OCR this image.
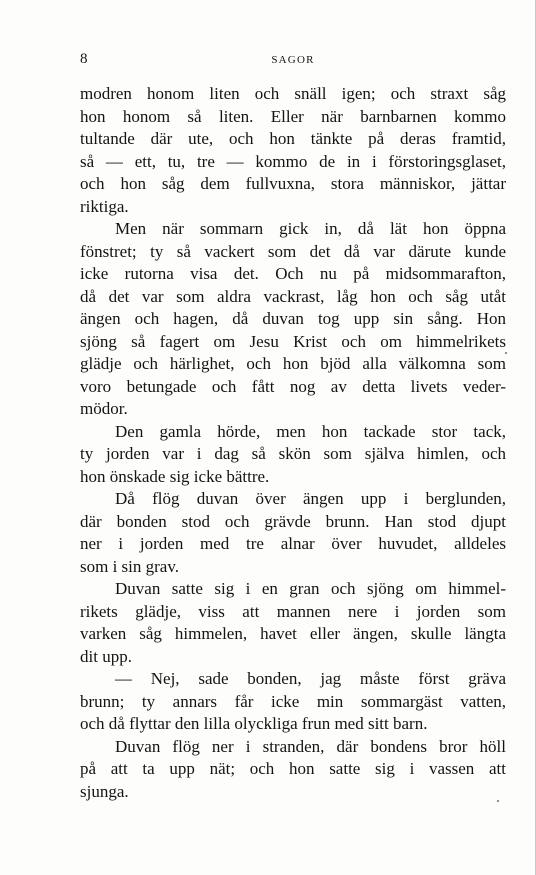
8	SAGOR
modren honom liten och snäll igen; och straxt såg
hon honom så liten. Eller när barnbarnen kommo
tultande där ute, och hon tänkte på deras framtid,
så — ett, tu, tre — kommo de in i förstoringsglaset,
och hon såg dem fullvuxna, stora människor, jättar
riktiga.
Men när sommarn gick in, då lät hon öppna
fönstret; ty så vackert som det då var därute kunde
icke rutorna visa det. Och nu på midsommarafton,
då det var som aldra vackrast, låg hon och såg utåt
ängen och hagen, då duvan tog upp sin sång. Hon
sjöng så fagert om Jesu Krist och om himmelrikets
glädje och härlighet, och hon bjöd alla välkomna som
voro betungade och fått nog av detta livets veder-
mödor.
Den gamla hörde, men hon tackade stor tack,
ty jorden var i dag så skön som själva himlen, och
hon önskade sig icke bättre.
Då flög duvan över ängen upp i berglunden,
där bonden stod och grävde brunn. Han stod djupt
ner i jorden med tre alnar över huvudet, alldeles
som i sin grav.
Duvan satte sig i en gran och sjöng om himmel-
rikets glädje, viss att mannen nere i jorden som
varken såg himmelen, havet eller ängen, skulle längta
dit upp.
— Nej, sade bonden, jag måste först gräva
brunn; ty annars får icke min sommargäst vatten,
och då flyttar den lilla olyckliga frun med sitt barn.
Duvan flög ner i stranden, där bondens bror höll
på att ta upp nät; och hon satte sig i vassen att
sjunga.
